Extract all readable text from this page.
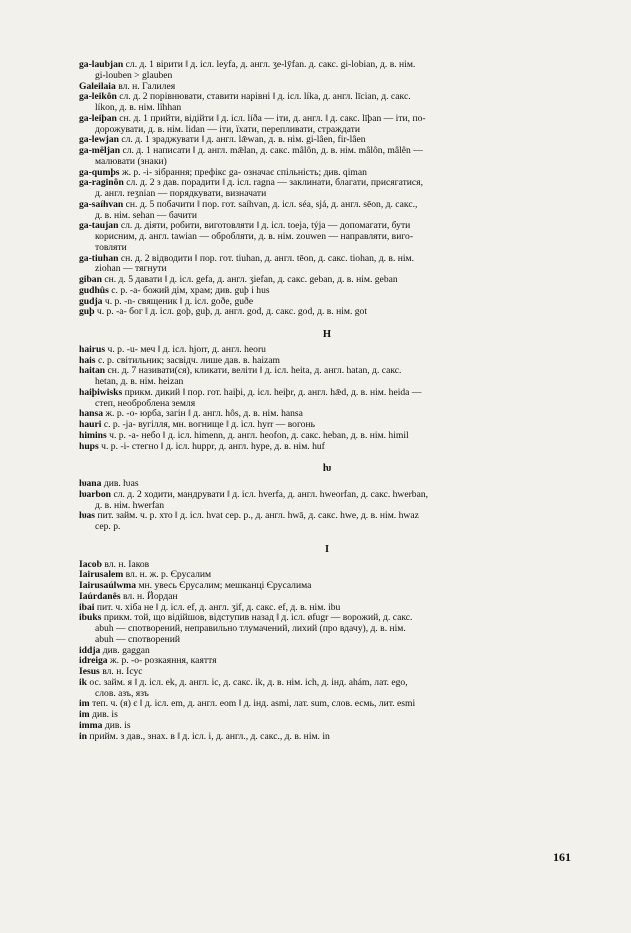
ga-laubjan сл. д. 1 вірити ‖ д. ісл. leyfa, д. англ. ʒe-lȳfan. д. сакс. gi-lobian, д. в. нім.
gi-louben > glauben

Galeilaia вл. н. Галилея

ga-leikôn сл. д. 2 порівнювати, ставити нарівні ‖ д. ісл. líka, д. англ. līcian, д. сакс.
líkon, д. в. нім. lîhhan

ga-leiþan сн. д. 1 прийти, відійти ‖ д. ісл. líða — іти, д. англ. ‖ д. сакс. līþan — іти, по-
дорожувати, д. в. нім. lidan — іти, їхати, перепливати, страждати

ga-lewjan сл. д. 1 зраджувати ‖ д. англ. lǣwan, д. в. нім. gi-lâen, fir-lâen

ga-mêljan сл. д. 1 написати ‖ д. англ. mǣlan, д. сакс. mâlôn, д. в. нім. mâlôn, mâlên —
малювати (знаки)

ga-qumþs ж. р. -i- зібрання; префікс ga- означає спільність; див. qiman

ga-raginôn сл. д. 2 з дав. порадити ‖ д. ісл. ragna — заклинати, благати, присягатися,
д. англ. reʒnian — порядкувати, визначати

ga-saíhvan сн. д. 5 побачити ‖ пор. гот. saíhvan, д. ісл. séa, sjá, д. англ. sēon, д. сакс.,
д. в. нім. sehan — бачити

ga-taujan сл. д. діяти, робити, виготовляти ‖ д. ісл. toeja, týja — допомагати, бути
корисним, д. англ. tawian — обробляти, д. в. нім. zouwen — направляти, виго-
товляти

ga-tiuhan сн. д. 2 відводити ‖ пор. гот. tiuhan, д. англ. tēon, д. сакс. tiohan, д. в. нім.
ziohan — тягнути

giban сн. д. 5 давати ‖ д. ісл. gefa, д. англ. ʒiefan, д. сакс. geban, д. в. нім. geban

gudhûs с. р. -a- божий дім, храм; див. guþ і hus

gudja ч. р. -n- священик ‖ д. ісл. goðe, guðe

guþ ч. р. -a- бог ‖ д. ісл. goþ, guþ, д. англ. god, д. сакс. god, д. в. нім. got

H

hairus ч. р. -u- меч ‖ д. ісл. hjorr, д. англ. heoru

hais с. р. світильник; засвідч. лише дав. в. haizam

haitan сн. д. 7 називати(ся), кликати, веліти ‖ д. ісл. heita, д. англ. hatan, д. сакс.
hetan, д. в. нім. heizan

haiþiwisks прикм. дикий ‖ пор. гот. haiþi, д. ісл. heiþr, д. англ. hǣd, д. в. нім. heida —
степ, необроблена земля

hansa ж. р. -o- юрба, загін ‖ д. англ. hôs, д. в. нім. hansa

hauri с. р. -ja- вугілля, мн. вогнище ‖ д. ісл. hyrr — вогонь

himins ч. р. -a- небо ‖ д. ісл. himenn, д. англ. heofon, д. сакс. heban, д. в. нім. himil

hups ч. р. -i- стегно ‖ д. ісл. huppr, д. англ. hype, д. в. нім. huf

ƕ

ƕana див. ƕas

ƕarbon сл. д. 2 ходити, мандрувати ‖ д. ісл. hverfa, д. англ. hweorfan, д. сакс. hwerban,
д. в. нім. hwerfan

ƕas пит. займ. ч. р. хто ‖ д. ісл. hvat сер. р., д. англ. hwā, д. сакс. hwe, д. в. нім. hwaz
сер. р.

I

Iacob вл. н. Іаков

Iairusalem вл. н. ж. р. Єрусалим

Iairusaúlwma мн. увесь Єрусалим; мешканці Єрусалима

Iaúrdanês вл. н. Йордан

ibai пит. ч. хіба не ‖ д. ісл. ef, д. англ. ʒif, д. сакс. ef, д. в. нім. ibu

ibuks прикм. той, що відійшов, відступив назад ‖ д. ісл. øfugr — ворожий, д. сакс.
abuh — спотворений, неправильно тлумачений, лихий (про вдачу), д. в. нім.
abuh — спотворений

iddja див. gaggan

idreiga ж. р. -o- розкаяння, каяття

Iesus вл. н. Ісус

ik ос. займ. я ‖ д. ісл. ek, д. англ. ic, д. сакс. ik, д. в. нім. ich, д. інд. ahám, лат. ego,
слов. азъ, язъ

im теп. ч. (я) є ‖ д. ісл. em, д. англ. eom ‖ д. інд. asmi, лат. sum, слов. есмь, лит. esmi

im див. is

imma див. is

in прийм. з дав., знах. в ‖ д. ісл. i, д. англ., д. сакс., д. в. нім. in

161
